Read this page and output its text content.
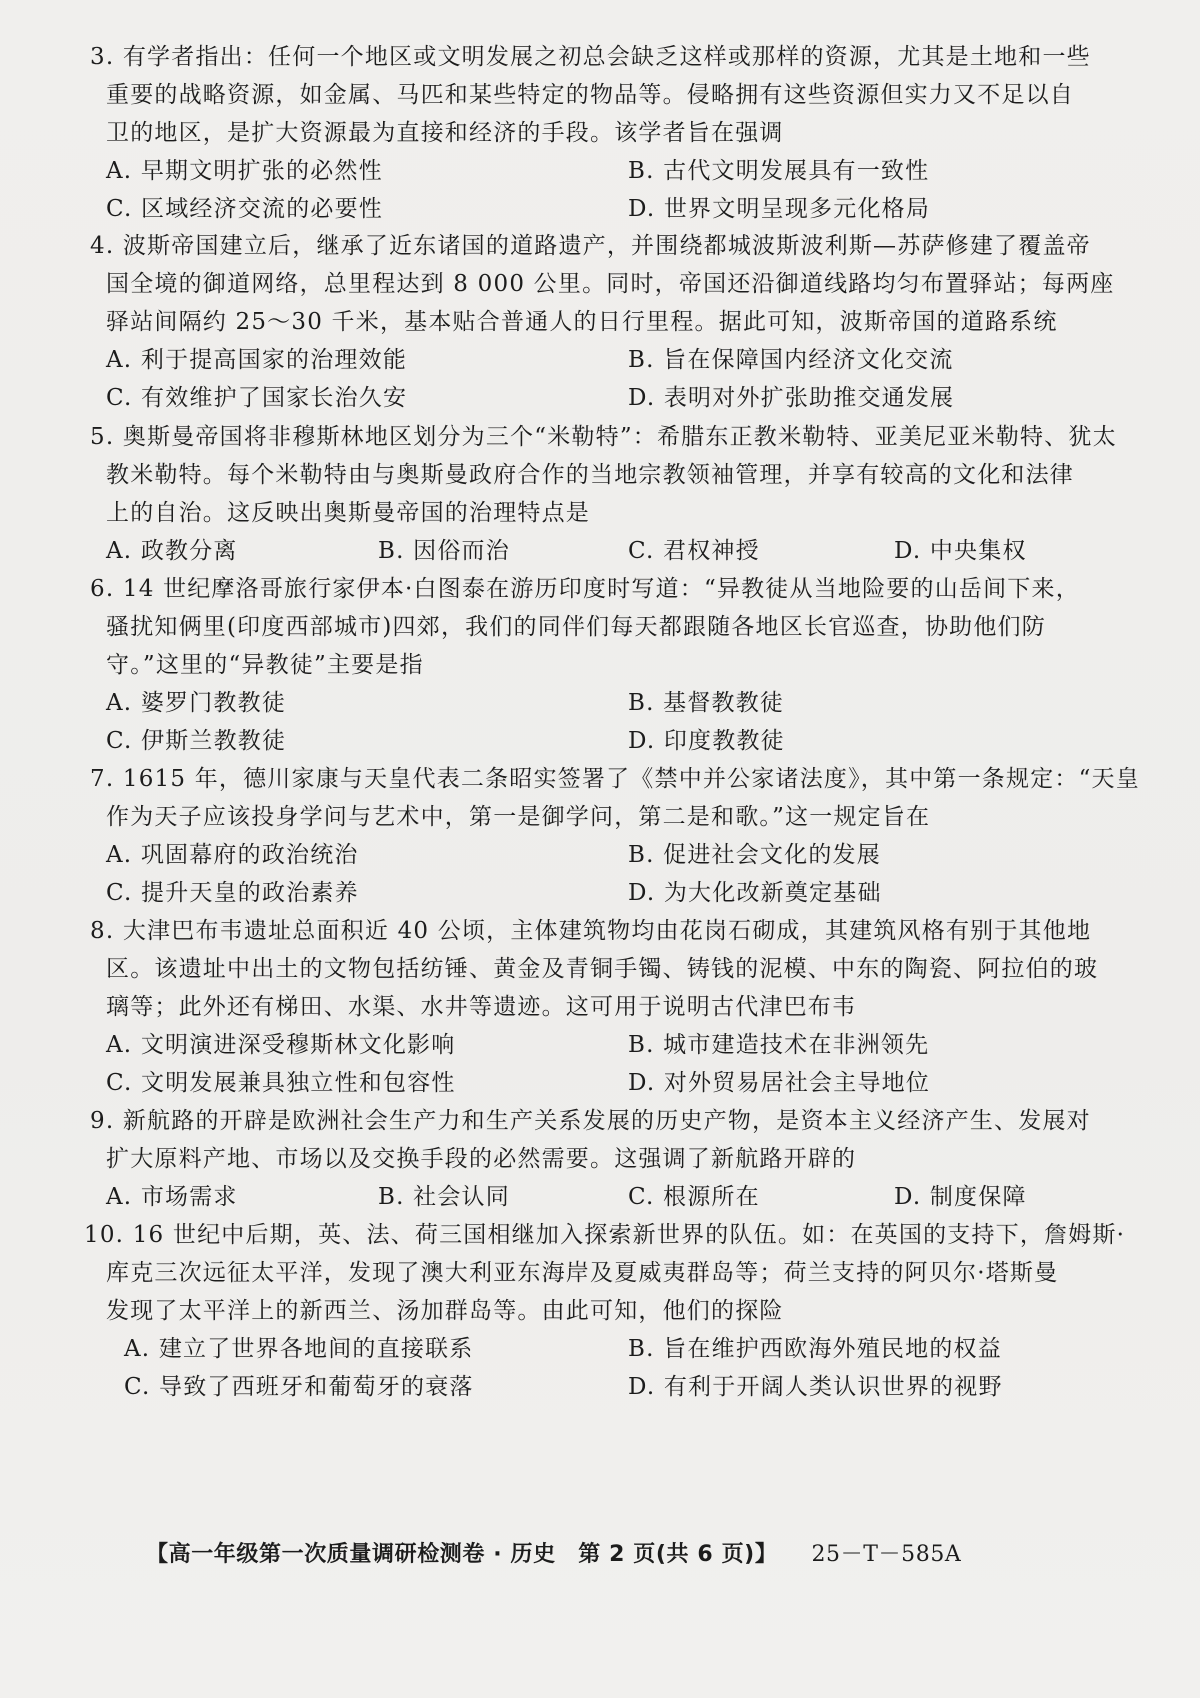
3. 有学者指出：任何一个地区或文明发展之初总会缺乏这样或那样的资源，尤其是土地和一些
重要的战略资源，如金属、马匹和某些特定的物品等。侵略拥有这些资源但实力又不足以自
卫的地区，是扩大资源最为直接和经济的手段。该学者旨在强调
A. 早期文明扩张的必然性	B. 古代文明发展具有一致性
C. 区域经济交流的必要性	D. 世界文明呈现多元化格局
4. 波斯帝国建立后，继承了近东诸国的道路遗产，并围绕都城波斯波利斯—苏萨修建了覆盖帝
国全境的御道网络，总里程达到 8 000 公里。同时，帝国还沿御道线路均匀布置驿站；每两座
驿站间隔约 25～30 千米，基本贴合普通人的日行里程。据此可知，波斯帝国的道路系统
A. 利于提高国家的治理效能	B. 旨在保障国内经济文化交流
C. 有效维护了国家长治久安	D. 表明对外扩张助推交通发展
5. 奥斯曼帝国将非穆斯林地区划分为三个“米勒特”：希腊东正教米勒特、亚美尼亚米勒特、犹太
教米勒特。每个米勒特由与奥斯曼政府合作的当地宗教领袖管理，并享有较高的文化和法律
上的自治。这反映出奥斯曼帝国的治理特点是
A. 政教分离	B. 因俗而治	C. 君权神授	D. 中央集权
6. 14 世纪摩洛哥旅行家伊本·白图泰在游历印度时写道：“异教徒从当地险要的山岳间下来，
骚扰知俩里(印度西部城市)四郊，我们的同伴们每天都跟随各地区长官巡查，协助他们防
守。”这里的“异教徒”主要是指
A. 婆罗门教教徒	B. 基督教教徒
C. 伊斯兰教教徒	D. 印度教教徒
7. 1615 年，德川家康与天皇代表二条昭实签署了《禁中并公家诸法度》，其中第一条规定：“天皇
作为天子应该投身学问与艺术中，第一是御学问，第二是和歌。”这一规定旨在
A. 巩固幕府的政治统治	B. 促进社会文化的发展
C. 提升天皇的政治素养	D. 为大化改新奠定基础
8. 大津巴布韦遗址总面积近 40 公顷，主体建筑物均由花岗石砌成，其建筑风格有别于其他地
区。该遗址中出土的文物包括纺锤、黄金及青铜手镯、铸钱的泥模、中东的陶瓷、阿拉伯的玻
璃等；此外还有梯田、水渠、水井等遗迹。这可用于说明古代津巴布韦
A. 文明演进深受穆斯林文化影响	B. 城市建造技术在非洲领先
C. 文明发展兼具独立性和包容性	D. 对外贸易居社会主导地位
9. 新航路的开辟是欧洲社会生产力和生产关系发展的历史产物，是资本主义经济产生、发展对
扩大原料产地、市场以及交换手段的必然需要。这强调了新航路开辟的
A. 市场需求	B. 社会认同	C. 根源所在	D. 制度保障
10. 16 世纪中后期，英、法、荷三国相继加入探索新世界的队伍。如：在英国的支持下，詹姆斯·
库克三次远征太平洋，发现了澳大利亚东海岸及夏威夷群岛等；荷兰支持的阿贝尔·塔斯曼
发现了太平洋上的新西兰、汤加群岛等。由此可知，他们的探险
A. 建立了世界各地间的直接联系	B. 旨在维护西欧海外殖民地的权益
C. 导致了西班牙和葡萄牙的衰落	D. 有利于开阔人类认识世界的视野
【高一年级第一次质量调研检测卷 · 历史　第 2 页(共 6 页)】 25－T－585A
